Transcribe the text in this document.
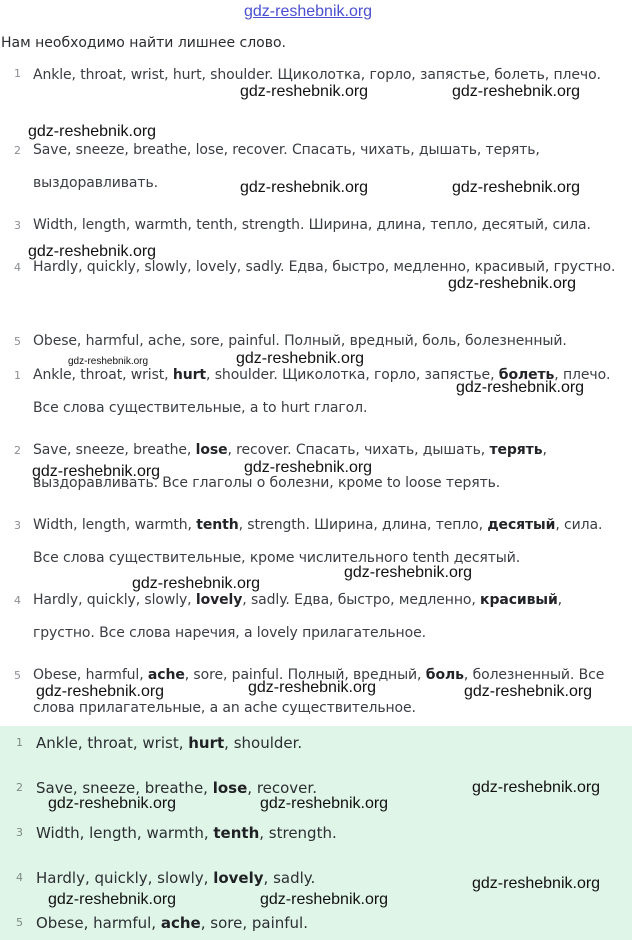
gdz-reshebnik.org
Нам необходимо найти лишнее слово.
1 Ankle, throat, wrist, hurt, shoulder. Щиколотка, горло, запястье, болеть, плечо.
2 Save, sneeze, breathe, lose, recover. Спасать, чихать, дышать, терять, выздоравливать.
3 Width, length, warmth, tenth, strength. Ширина, длина, тепло, десятый, сила.
4 Hardly, quickly, slowly, lovely, sadly. Едва, быстро, медленно, красивый, грустно.
5 Obese, harmful, ache, sore, painful. Полный, вредный, боль, болезненный.
1 Ankle, throat, wrist, hurt, shoulder. Щиколотка, горло, запястье, болеть, плечо. Все слова существительные, а to hurt глагол.
2 Save, sneeze, breathe, lose, recover. Спасать, чихать, дышать, терять, выздоравливать. Все глаголы о болезни, кроме to loose терять.
3 Width, length, warmth, tenth, strength. Ширина, длина, тепло, десятый, сила. Все слова существительные, кроме числительного tenth десятый.
4 Hardly, quickly, slowly, lovely, sadly. Едва, быстро, медленно, красивый, грустно. Все слова наречия, а lovely прилагательное.
5 Obese, harmful, ache, sore, painful. Полный, вредный, боль, болезненный. Все слова прилагательные, а an ache существительное.
1 Ankle, throat, wrist, hurt, shoulder.
2 Save, sneeze, breathe, lose, recover.
3 Width, length, warmth, tenth, strength.
4 Hardly, quickly, slowly, lovely, sadly.
5 Obese, harmful, ache, sore, painful.
gdz-reshebnik.org	gdz-reshebnik.org
gdz-reshebnik.org
gdz-reshebnik.org	gdz-reshebnik.org
gdz-reshebnik.org
gdz-reshebnik.org
gdz-reshebnik.org	gdz-reshebnik.org
gdz-reshebnik.org
gdz-reshebnik.org
gdz-reshebnik.org
gdz-reshebnik.org
gdz-reshebnik.org
gdz-reshebnik.org
gdz-reshebnik.org	gdz-reshebnik.org
gdz-reshebnik.org
gdz-reshebnik.org	gdz-reshebnik.org
gdz-reshebnik.org
gdz-reshebnik.org	gdz-reshebnik.org
